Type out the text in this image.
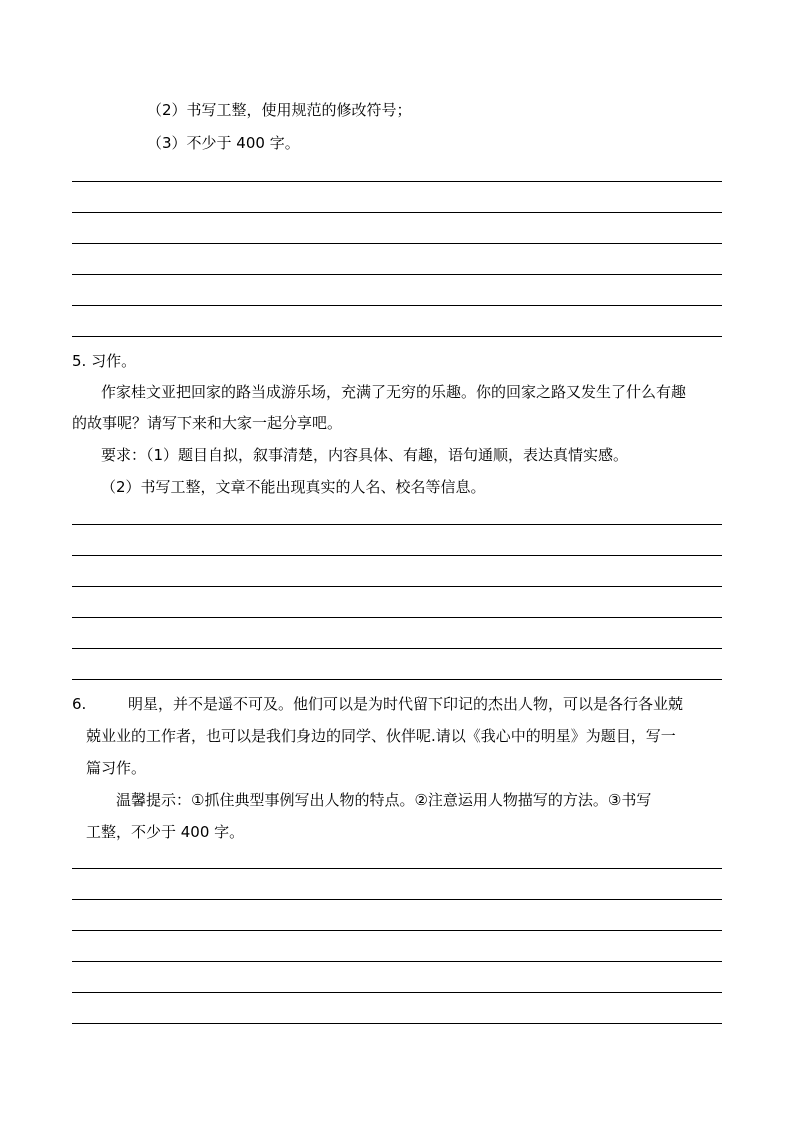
（2）书写工整，使用规范的修改符号；
（3）不少于 400 字。
5. 习作。
作家桂文亚把回家的路当成游乐场，充满了无穷的乐趣。你的回家之路又发生了什么有趣
的故事呢？请写下来和大家一起分享吧。
要求：（1）题目自拟，叙事清楚，内容具体、有趣，语句通顺，表达真情实感。
（2）书写工整，文章不能出现真实的人名、校名等信息。
6.	明星，并不是遥不可及。他们可以是为时代留下印记的杰出人物，可以是各行各业兢
兢业业的工作者，也可以是我们身边的同学、伙伴呢.请以《我心中的明星》为题目，写一
篇习作。
温馨提示：①抓住典型事例写出人物的特点。②注意运用人物描写的方法。③书写
工整，不少于 400 字。
